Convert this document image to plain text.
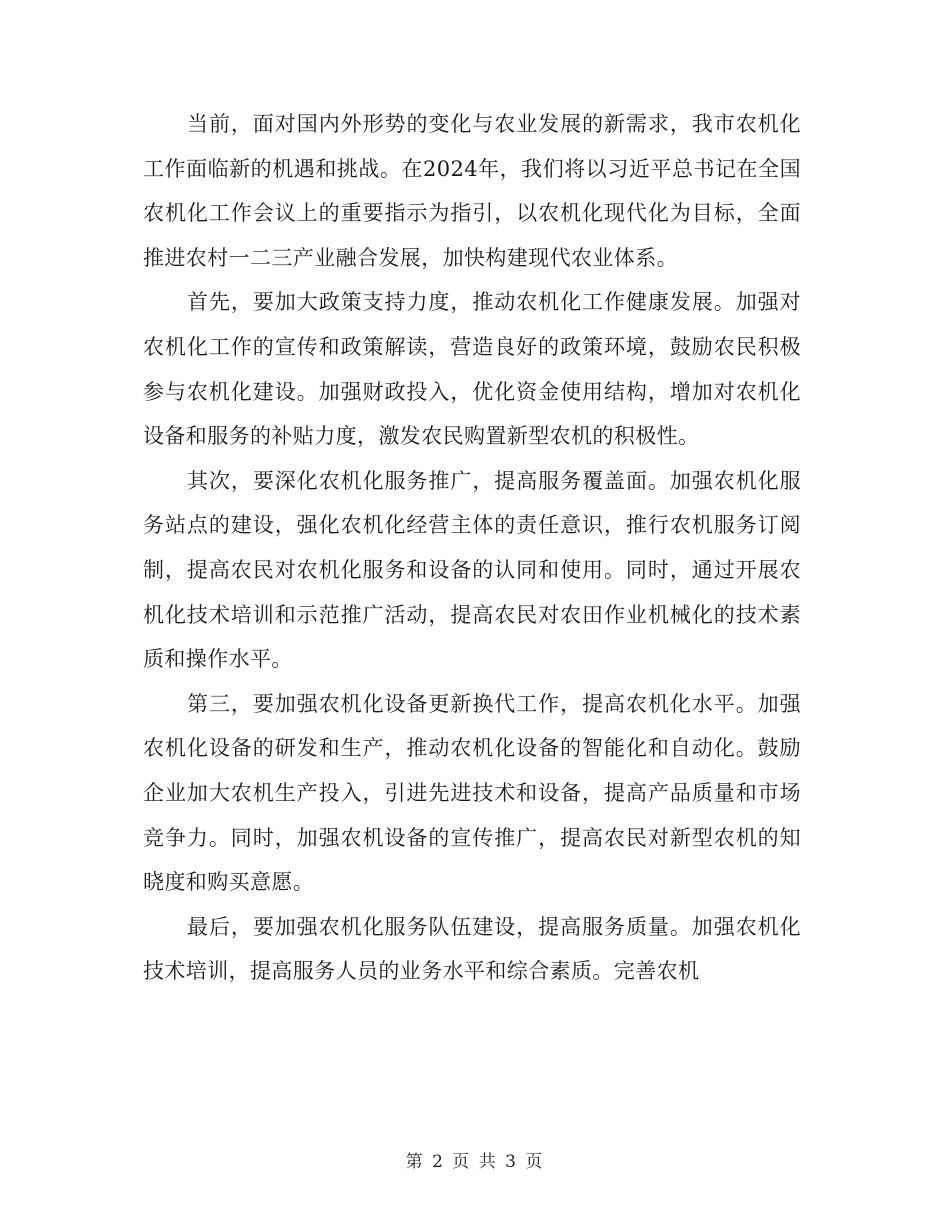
当前，面对国内外形势的变化与农业发展的新需求，我市农机化工作面临新的机遇和挑战。在2024年，我们将以习近平总书记在全国农机化工作会议上的重要指示为指引，以农机化现代化为目标，全面推进农村一二三产业融合发展，加快构建现代农业体系。

首先，要加大政策支持力度，推动农机化工作健康发展。加强对农机化工作的宣传和政策解读，营造良好的政策环境，鼓励农民积极参与农机化建设。加强财政投入，优化资金使用结构，增加对农机化设备和服务的补贴力度，激发农民购置新型农机的积极性。

其次，要深化农机化服务推广，提高服务覆盖面。加强农机化服务站点的建设，强化农机化经营主体的责任意识，推行农机服务订阅制，提高农民对农机化服务和设备的认同和使用。同时，通过开展农机化技术培训和示范推广活动，提高农民对农田作业机械化的技术素质和操作水平。

第三，要加强农机化设备更新换代工作，提高农机化水平。加强农机化设备的研发和生产，推动农机化设备的智能化和自动化。鼓励企业加大农机生产投入，引进先进技术和设备，提高产品质量和市场竞争力。同时，加强农机设备的宣传推广，提高农民对新型农机的知晓度和购买意愿。

最后，要加强农机化服务队伍建设，提高服务质量。加强农机化技术培训，提高服务人员的业务水平和综合素质。完善农机

第 2 页 共 3 页
